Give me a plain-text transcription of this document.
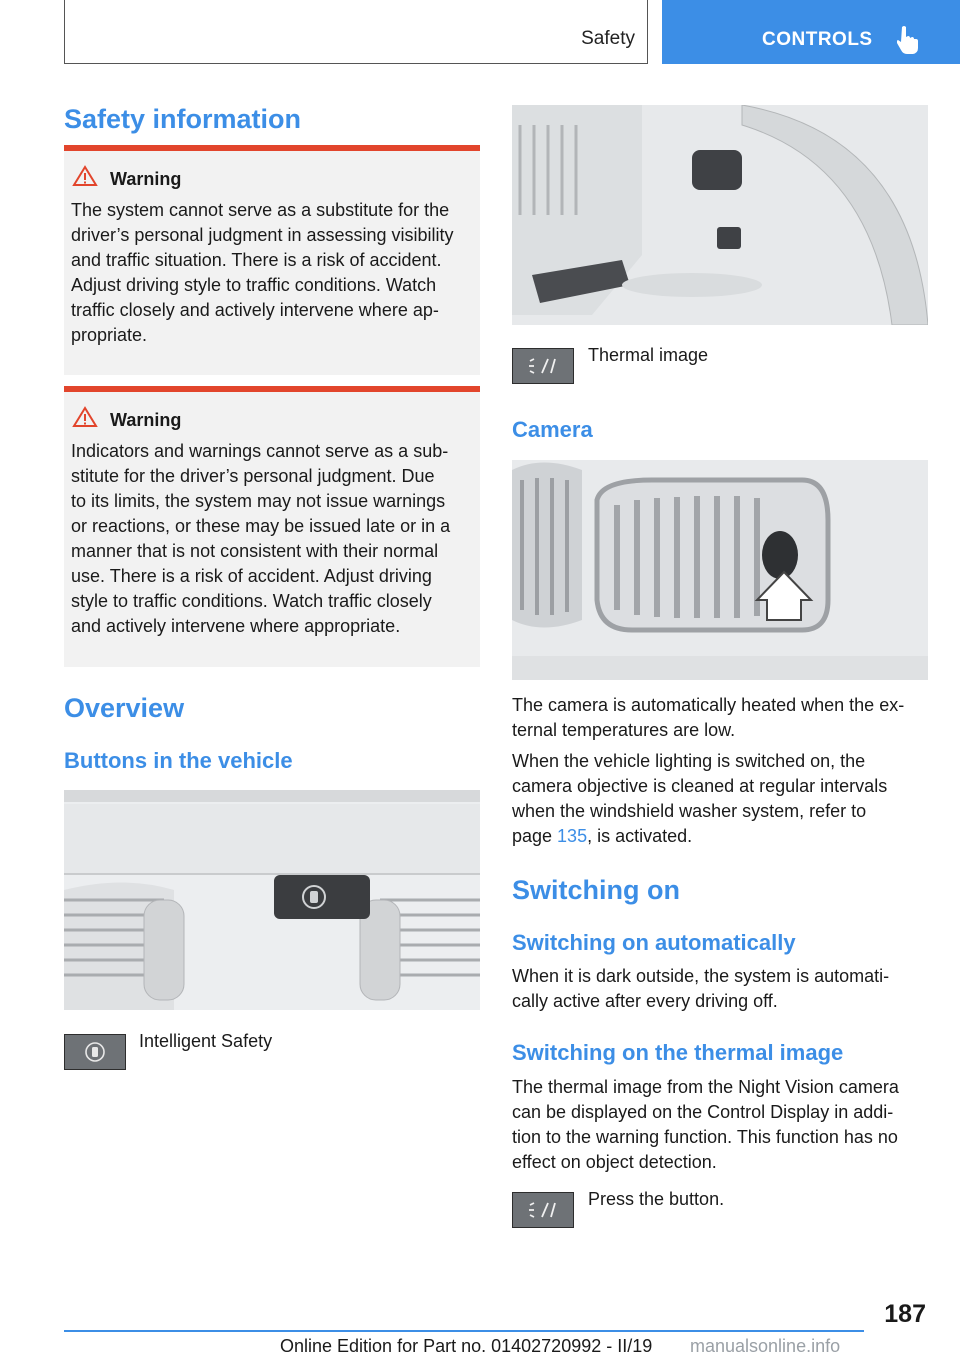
Safety	CONTROLS
Safety information
Warning
The system cannot serve as a substitute for the
driver’s personal judgment in assessing visibility
and traffic situation. There is a risk of accident.
Adjust driving style to traffic conditions. Watch
traffic closely and actively intervene where ap‐
propriate.
Warning
Indicators and warnings cannot serve as a sub‐
stitute for the driver’s personal judgment. Due
to its limits, the system may not issue warnings
or reactions, or these may be issued late or in a
manner that is not consistent with their normal
use. There is a risk of accident. Adjust driving
style to traffic conditions. Watch traffic closely
and actively intervene where appropriate.
Overview
Buttons in the vehicle
Intelligent Safety
Thermal image
Camera
The camera is automatically heated when the ex‐
ternal temperatures are low.
When the vehicle lighting is switched on, the
camera objective is cleaned at regular intervals
when the windshield washer system, refer to
page 135, is activated.
Switching on
Switching on automatically
When it is dark outside, the system is automati‐
cally active after every driving off.
Switching on the thermal image
The thermal image from the Night Vision camera
can be displayed on the Control Display in addi‐
tion to the warning function. This function has no
effect on object detection.
Press the button.
187
Online Edition for Part no. 01402720992 - II/19 manualsonline.info
